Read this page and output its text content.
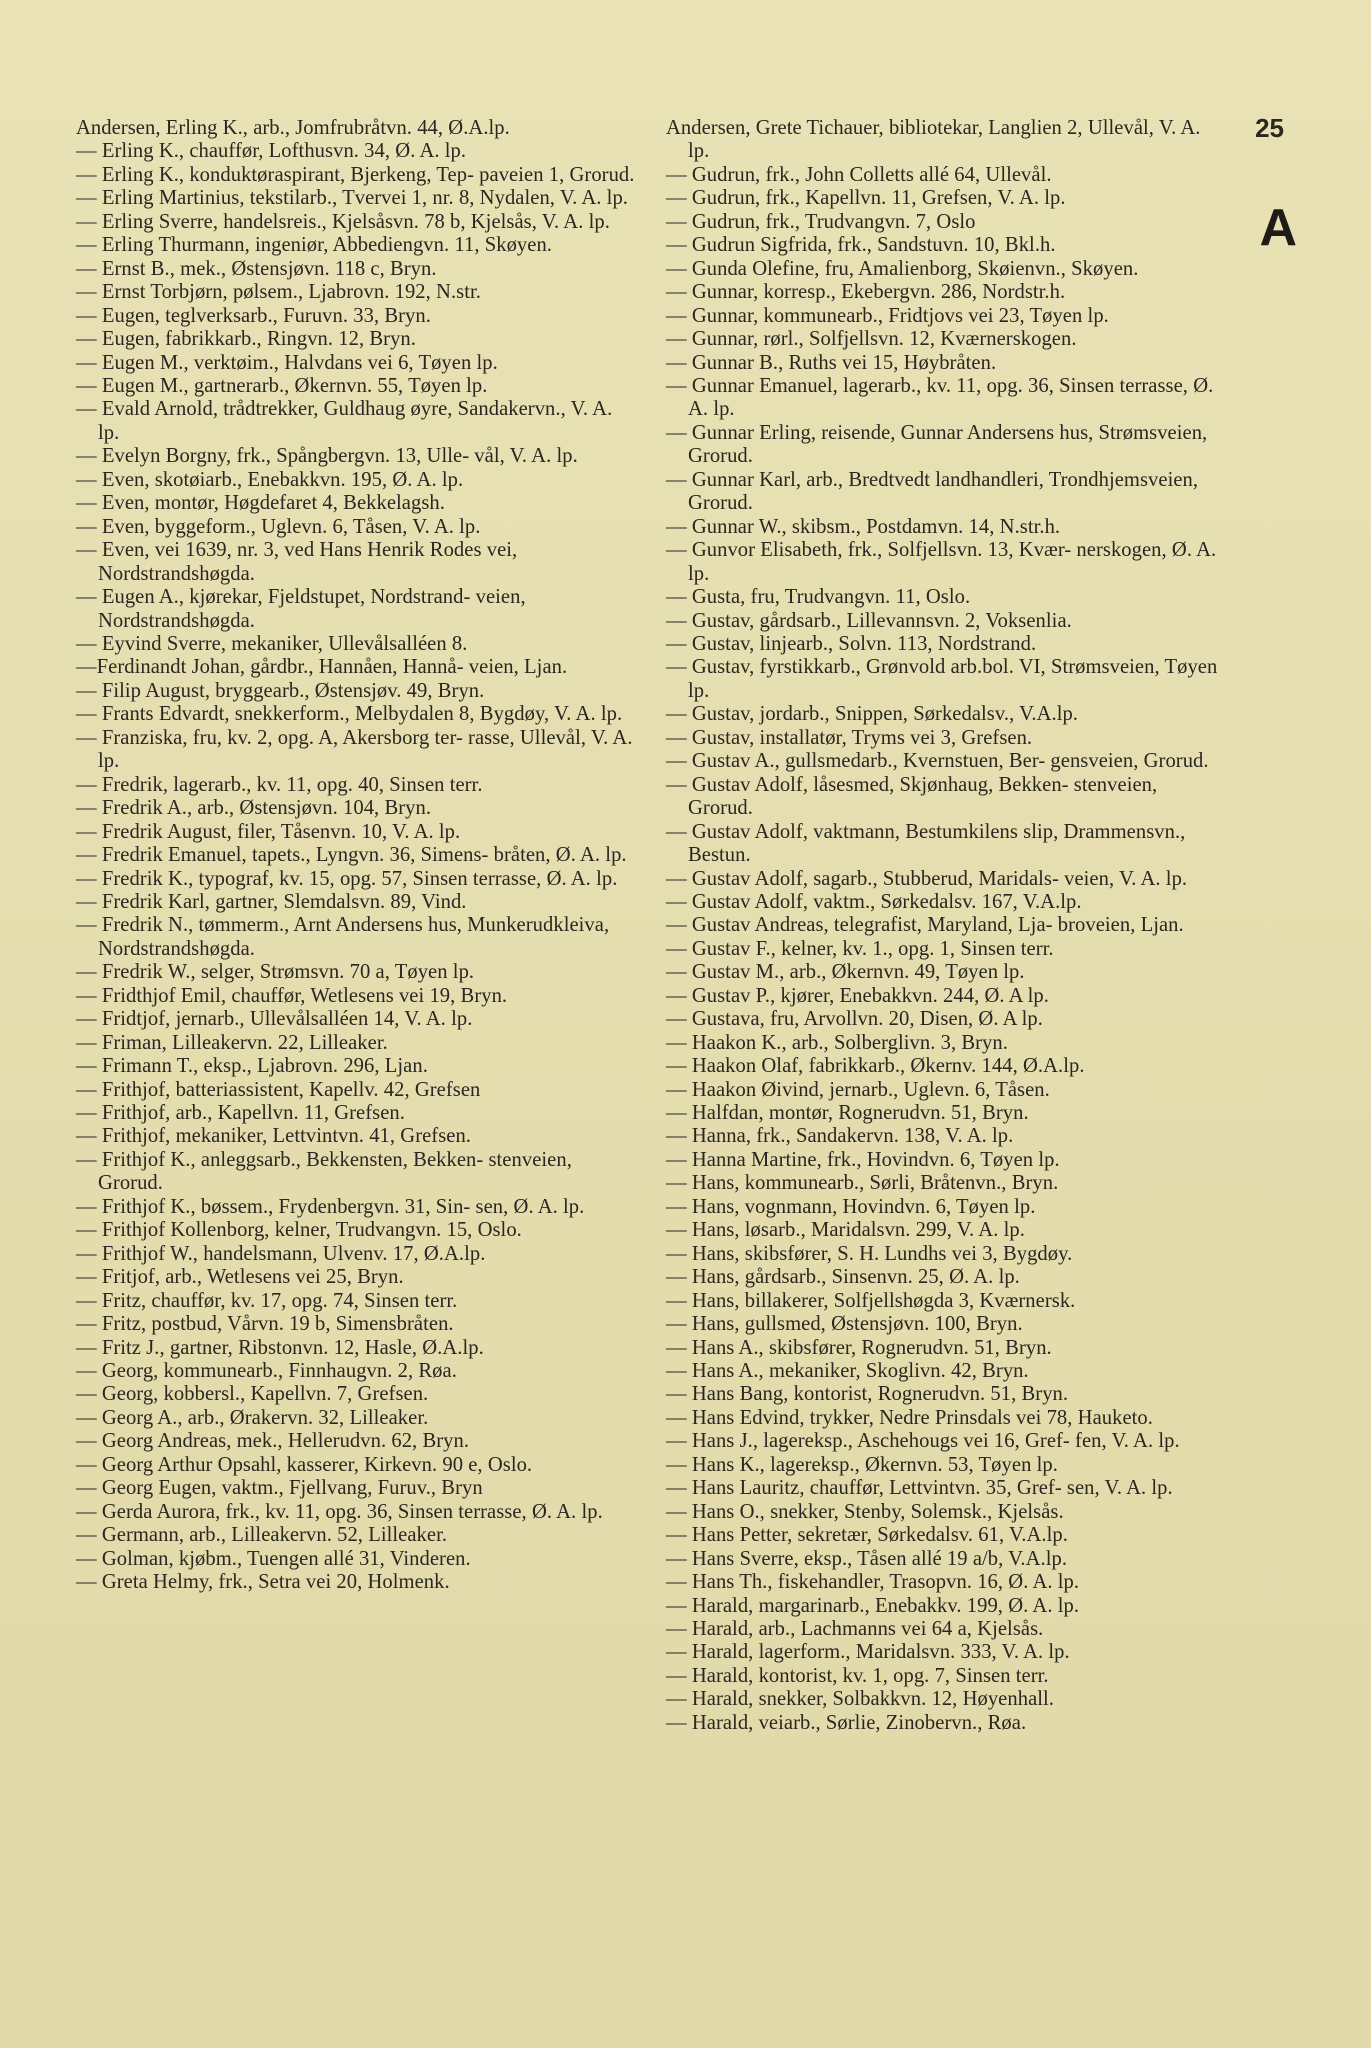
Andersen, Erling K., arb., Jomfrubråtvn. 44, Ø.A.lp.
— Erling K., chauffør, Lofthusvn. 34, Ø. A. lp.
— Erling K., konduktøraspirant, Bjerkeng, Tep- paveien 1, Grorud.
— Erling Martinius, tekstilarb., Tvervei 1, nr. 8, Nydalen, V. A. lp.
— Erling Sverre, handelsreis., Kjelsåsvn. 78 b, Kjelsås, V. A. lp.
— Erling Thurmann, ingeniør, Abbediengvn. 11, Skøyen.
— Ernst B., mek., Østensjøvn. 118 c, Bryn.
— Ernst Torbjørn, pølsem., Ljabrovn. 192, N.str.
— Eugen, teglverksarb., Furuvn. 33, Bryn.
— Eugen, fabrikkarb., Ringvn. 12, Bryn.
— Eugen M., verktøim., Halvdans vei 6, Tøyen lp.
— Eugen M., gartnerarb., Økernvn. 55, Tøyen lp.
— Evald Arnold, trådtrekker, Guldhaug øyre, Sandakervn., V. A. lp.
— Evelyn Borgny, frk., Spångbergvn. 13, Ulle- vål, V. A. lp.
— Even, skotøiarb., Enebakkvn. 195, Ø. A. lp.
— Even, montør, Høgdefaret 4, Bekkelagsh.
— Even, byggeform., Uglevn. 6, Tåsen, V. A. lp.
— Even, vei 1639, nr. 3, ved Hans Henrik Rodes vei, Nordstrandshøgda.
— Eugen A., kjørekar, Fjeldstupet, Nordstrand- veien, Nordstrandshøgda.
— Eyvind Sverre, mekaniker, Ullevålsalléen 8.
—Ferdinandt Johan, gårdbr., Hannåen, Hannå- veien, Ljan.
— Filip August, bryggearb., Østensjøv. 49, Bryn.
— Frants Edvardt, snekkerform., Melbydalen 8, Bygdøy, V. A. lp.
— Franziska, fru, kv. 2, opg. A, Akersborg ter- rasse, Ullevål, V. A. lp.
— Fredrik, lagerarb., kv. 11, opg. 40, Sinsen terr.
— Fredrik A., arb., Østensjøvn. 104, Bryn.
— Fredrik August, filer, Tåsenvn. 10, V. A. lp.
— Fredrik Emanuel, tapets., Lyngvn. 36, Simens- bråten, Ø. A. lp.
— Fredrik K., typograf, kv. 15, opg. 57, Sinsen terrasse, Ø. A. lp.
— Fredrik Karl, gartner, Slemdalsvn. 89, Vind.
— Fredrik N., tømmerm., Arnt Andersens hus, Munkerudkleiva, Nordstrandshøgda.
— Fredrik W., selger, Strømsvn. 70 a, Tøyen lp.
— Fridthjof Emil, chauffør, Wetlesens vei 19, Bryn.
— Fridtjof, jernarb., Ullevålsalléen 14, V. A. lp.
— Friman, Lilleakervn. 22, Lilleaker.
— Frimann T., eksp., Ljabrovn. 296, Ljan.
— Frithjof, batteriassistent, Kapellv. 42, Grefsen
— Frithjof, arb., Kapellvn. 11, Grefsen.
— Frithjof, mekaniker, Lettvintvn. 41, Grefsen.
— Frithjof K., anleggsarb., Bekkensten, Bekken- stenveien, Grorud.
— Frithjof K., bøssem., Frydenbergvn. 31, Sin- sen, Ø. A. lp.
— Frithjof Kollenborg, kelner, Trudvangvn. 15, Oslo.
— Frithjof W., handelsmann, Ulvenv. 17, Ø.A.lp.
— Fritjof, arb., Wetlesens vei 25, Bryn.
— Fritz, chauffør, kv. 17, opg. 74, Sinsen terr.
— Fritz, postbud, Vårvn. 19 b, Simensbråten.
— Fritz J., gartner, Ribstonvn. 12, Hasle, Ø.A.lp.
— Georg, kommunearb., Finnhaugvn. 2, Røa.
— Georg, kobbersl., Kapellvn. 7, Grefsen.
— Georg A., arb., Ørakervn. 32, Lilleaker.
— Georg Andreas, mek., Hellerudvn. 62, Bryn.
— Georg Arthur Opsahl, kasserer, Kirkevn. 90 e, Oslo.
— Georg Eugen, vaktm., Fjellvang, Furuv., Bryn
— Gerda Aurora, frk., kv. 11, opg. 36, Sinsen terrasse, Ø. A. lp.
— Germann, arb., Lilleakervn. 52, Lilleaker.
— Golman, kjøbm., Tuengen allé 31, Vinderen.
— Greta Helmy, frk., Setra vei 20, Holmenk.
Andersen, Grete Tichauer, bibliotekar, Langlien 2, Ullevål, V. A. lp.
— Gudrun, frk., John Colletts allé 64, Ullevål.
— Gudrun, frk., Kapellvn. 11, Grefsen, V. A. lp.
— Gudrun, frk., Trudvangvn. 7, Oslo
— Gudrun Sigfrida, frk., Sandstuvn. 10, Bkl.h.
— Gunda Olefine, fru, Amalienborg, Skøienvn., Skøyen.
— Gunnar, korresp., Ekebergvn. 286, Nordstr.h.
— Gunnar, kommunearb., Fridtjovs vei 23, Tøyen lp.
— Gunnar, rørl., Solfjellsvn. 12, Kværnerskogen.
— Gunnar B., Ruths vei 15, Høybråten.
— Gunnar Emanuel, lagerarb., kv. 11, opg. 36, Sinsen terrasse, Ø. A. lp.
— Gunnar Erling, reisende, Gunnar Andersens hus, Strømsveien, Grorud.
— Gunnar Karl, arb., Bredtvedt landhandleri, Trondhjemsveien, Grorud.
— Gunnar W., skibsm., Postdamvn. 14, N.str.h.
— Gunvor Elisabeth, frk., Solfjellsvn. 13, Kvær- nerskogen, Ø. A. lp.
— Gusta, fru, Trudvangvn. 11, Oslo.
— Gustav, gårdsarb., Lillevannsvn. 2, Voksenlia.
— Gustav, linjearb., Solvn. 113, Nordstrand.
— Gustav, fyrstikkarb., Grønvold arb.bol. VI, Strømsveien, Tøyen lp.
— Gustav, jordarb., Snippen, Sørkedalsv., V.A.lp.
— Gustav, installatør, Tryms vei 3, Grefsen.
— Gustav A., gullsmedarb., Kvernstuen, Ber- gensveien, Grorud.
— Gustav Adolf, låsesmed, Skjønhaug, Bekken- stenveien, Grorud.
— Gustav Adolf, vaktmann, Bestumkilens slip, Drammensvn., Bestun.
— Gustav Adolf, sagarb., Stubberud, Maridals- veien, V. A. lp.
— Gustav Adolf, vaktm., Sørkedalsv. 167, V.A.lp.
— Gustav Andreas, telegrafist, Maryland, Lja- broveien, Ljan.
— Gustav F., kelner, kv. 1., opg. 1, Sinsen terr.
— Gustav M., arb., Økernvn. 49, Tøyen lp.
— Gustav P., kjører, Enebakkvn. 244, Ø. A lp.
— Gustava, fru, Arvollvn. 20, Disen, Ø. A lp.
— Haakon K., arb., Solberglivn. 3, Bryn.
— Haakon Olaf, fabrikkarb., Økernv. 144, Ø.A.lp.
— Haakon Øivind, jernarb., Uglevn. 6, Tåsen.
— Halfdan, montør, Rognerudvn. 51, Bryn.
— Hanna, frk., Sandakervn. 138, V. A. lp.
— Hanna Martine, frk., Hovindvn. 6, Tøyen lp.
— Hans, kommunearb., Sørli, Bråtenvn., Bryn.
— Hans, vognmann, Hovindvn. 6, Tøyen lp.
— Hans, løsarb., Maridalsvn. 299, V. A. lp.
— Hans, skibsfører, S. H. Lundhs vei 3, Bygdøy.
— Hans, gårdsarb., Sinsenvn. 25, Ø. A. lp.
— Hans, billakerer, Solfjellshøgda 3, Kværnersk.
— Hans, gullsmed, Østensjøvn. 100, Bryn.
— Hans A., skibsfører, Rognerudvn. 51, Bryn.
— Hans A., mekaniker, Skoglivn. 42, Bryn.
— Hans Bang, kontorist, Rognerudvn. 51, Bryn.
— Hans Edvind, trykker, Nedre Prinsdals vei 78, Hauketo.
— Hans J., lagereksp., Aschehougs vei 16, Gref- fen, V. A. lp.
— Hans K., lagereksp., Økernvn. 53, Tøyen lp.
— Hans Lauritz, chauffør, Lettvintvn. 35, Gref- sen, V. A. lp.
— Hans O., snekker, Stenby, Solemsk., Kjelsås.
— Hans Petter, sekretær, Sørkedalsv. 61, V.A.lp.
— Hans Sverre, eksp., Tåsen allé 19 a/b, V.A.lp.
— Hans Th., fiskehandler, Trasopvn. 16, Ø. A. lp.
— Harald, margarinarb., Enebakkv. 199, Ø. A. lp.
— Harald, arb., Lachmanns vei 64 a, Kjelsås.
— Harald, lagerform., Maridalsvn. 333, V. A. lp.
— Harald, kontorist, kv. 1, opg. 7, Sinsen terr.
— Harald, snekker, Solbakkvn. 12, Høyenhall.
— Harald, veiarb., Sørlie, Zinobervn., Røa.
25
A
